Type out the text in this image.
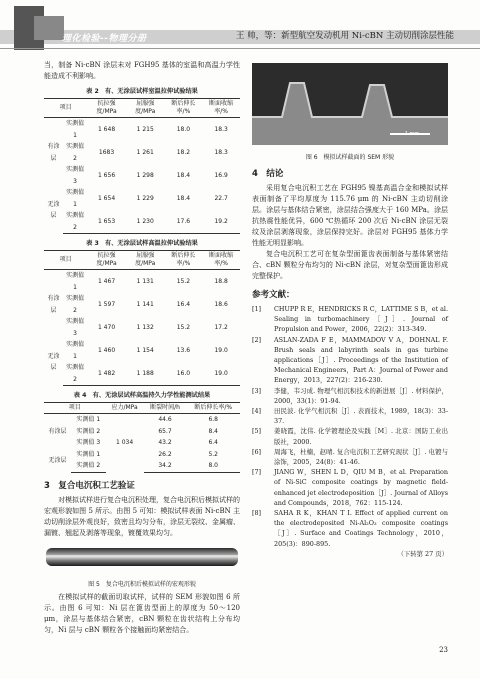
理化检验--物理分册	王 帅，等：新型航空发动机用 Ni-cBN 主动切削涂层性能

当，制备 Ni-cBN 涂层未对 FGH95 基体的室温和高温力学性能造成不利影响。

表 2　有、无涂层试样室温拉伸试验结果
项目		抗拉强度/MPa	屈服强度/MPa	断后伸长率/%	断面收缩率/%
有涂层	实测值 1	1 648	1 215	18.0	18.3
	实测值 2	1683	1 261	18.2	18.3
	实测值 3	1 656	1 298	18.4	16.9
无涂层	实测值 1	1 654	1 229	18.4	22.7
	实测值 2	1 653	1 230	17.6	19.2
表 3　有、无涂层试样高温拉伸试验结果
项目		抗拉强度/MPa	屈服强度/MPa	断后伸长率/%	断面收缩率/%
有涂层	实测值 1	1 467	1 131	15.2	18.8
	实测值 2	1 597	1 141	16.4	18.6
	实测值 3	1 470	1 132	15.2	17.2
无涂层	实测值 1	1 460	1 154	13.6	19.0
	实测值 2	1 482	1 188	16.0	19.0
表 4　有、无涂层试样高温持久力学性能测试结果
项目		应力/MPa	断裂时间/h	断后伸长率/%
有涂层	实测值 1	1 034	44.6	6.8
	实测值 2		65.7	8.4
	实测值 3		43.2	6.4
无涂层	实测值 1		26.2	5.2
	实测值 2		34.2	8.0
3　复合电沉积工艺验证

对模拟试样进行复合电沉积处理，复合电沉积后模拟试样的宏观形貌如图 5 所示。由图 5 可知：模拟试样表面 Ni-cBN 主动切削涂层外观良好，致密且均匀分布，涂层无裂纹、金属瘤、漏镀、翘起及剥落等现象，镀覆效果均匀。

图 5　复合电沉积后模拟试样的宏观形貌

在模拟试样的截面切取试样，试样的 SEM 形貌如图 6 所示。由图 6 可知：Ni 层在篦齿型面上的厚度为 50～120 μm，涂层与基体结合紧密，cBN 颗粒在齿状结构上分布均匀，Ni 层与 cBN 颗粒各个接触面均紧密结合。

1 mm
图 6　模拟试样截面的 SEM 形貌
4　结论

采用复合电沉积工艺在 FGH95 镍基高温合金和模拟试样表面制备了平均厚度为 115.76 μm 的 Ni-cBN 主动切削涂层。涂层与基体结合紧密，涂层结合强度大于 160 MPa。涂层抗热震性能优异，600 ℃热循环 200 次后 Ni-cBN 涂层无裂纹及涂层剥落现象，涂层保持完好。涂层对 FGH95 基体力学性能无明显影响。

复合电沉积工艺可在复杂型面篦齿表面制备与基体紧密结合、cBN 颗粒分布均匀的 Ni-cBN 涂层，对复杂型面篦齿形成完整保护。

参考文献：
[1] CHUPP R E，HENDRICKS R C，LATTIME S B，et al. Sealing in turbomachinery［J］. Journal of Propulsion and Power，2006，22(2)：313-349.
[2] ASLAN-ZADA F E，MAMMADOV V A，DOHNAL F. Brush seals and labyrinth seals in gas turbine applications［J］. Proceedings of the Institution of Mechanical Engineers，Part A：Journal of Power and Energy，2013，227(2)：216-230.
[3] 李健，韦习成. 物理气相沉积技术的新进展［J］. 材料保护，2000，33(1)：91-94.
[4] 田民波. 化学气相沉积［J］. 表面技术，1989，18(3)：33-37.
[5] 姜晓霞，沈伟. 化学镀理论及实践［M］. 北京：国防工业出版社，2000.
[6] 周海飞，杜楠，赵晴. 复合电沉积工艺研究现状［J］. 电镀与涂饰，2005，24(8)：41-46.
[7] JIANG W，SHEN L D，QIU M B，et al. Preparation of Ni-SiC composite coatings by magnetic field-enhanced jet electrodeposition［J］. Journal of Alloys and Compounds，2018，762：115-124.
[8] SAHA R K，KHAN T I. Effect of applied current on the electrodeposited Ni-Al₂O₃ composite coatings［J］. Surface and Coatings Technology，2010，205(3)：890-895.
（下转第 27 页）
23
